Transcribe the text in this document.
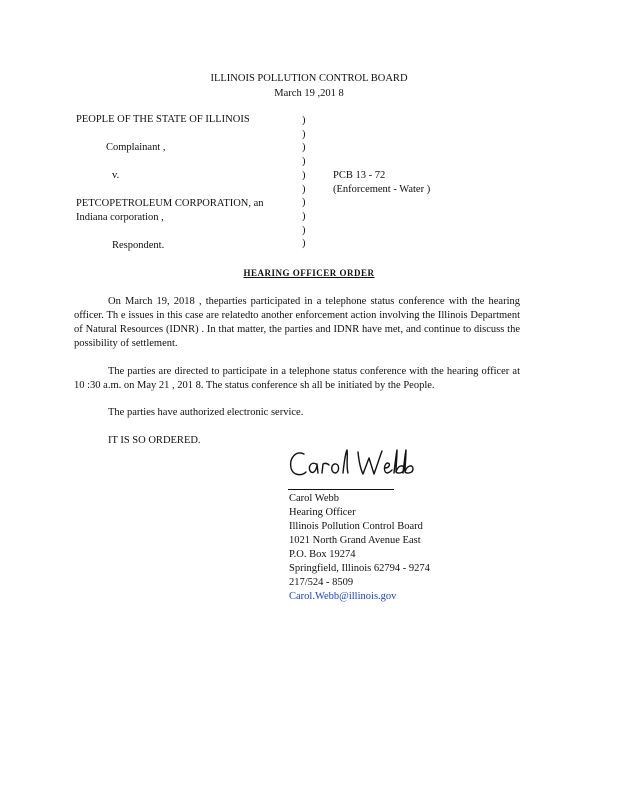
ILLINOIS POLLUTION CONTROL BOARD
March 19 ,201 8
PEOPLE OF THE STATE OF ILLINOIS
Complainant ,
v.
PETCOPETROLEUM CORPORATION, an
Indiana corporation ,
Respondent.
)
)
)
)
)
)
)
)
)
)
PCB 13 - 72
(Enforcement - Water )
HEARING OFFICER ORDER
On March 19, 2018 , theparties participated in a telephone status conference with the hearing officer. Th e issues in this case are relatedto another enforcement action involving the Illinois Department of Natural Resources (IDNR) . In that matter, the parties and IDNR have met, and continue to discuss the possibility of settlement.
The parties are directed to participate in a telephone status conference with the hearing officer at 10 :30 a.m. on May 21 , 201 8. The status conference sh all be initiated by the People.
The parties have authorized electronic service.
IT IS SO ORDERED.
Carol Webb
Hearing Officer
Illinois Pollution Control Board
1021 North Grand Avenue East
P.O. Box 19274
Springfield, Illinois 62794 - 9274
217/524 - 8509
Carol.Webb@illinois.gov
